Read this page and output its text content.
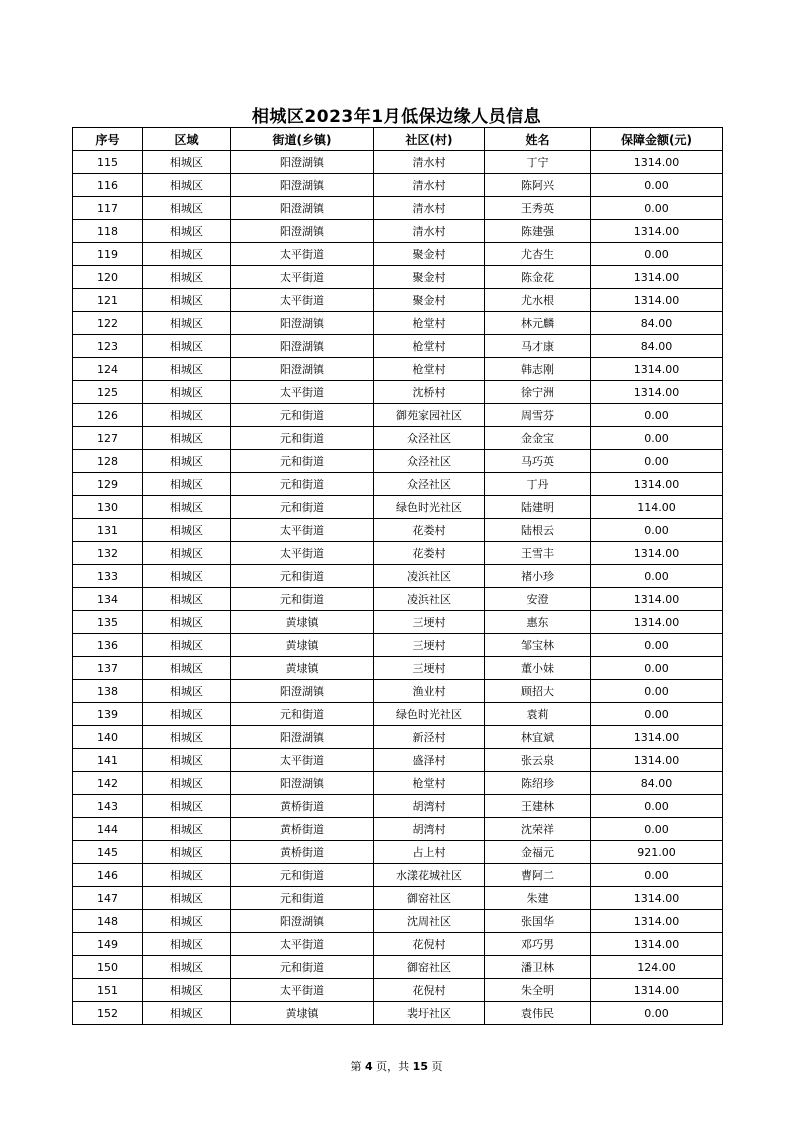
相城区2023年1月低保边缘人员信息
序号	区域	街道(乡镇)	社区(村)	姓名	保障金额(元)
115	相城区	阳澄湖镇	清水村	丁宁	1314.00
116	相城区	阳澄湖镇	清水村	陈阿兴	0.00
117	相城区	阳澄湖镇	清水村	王秀英	0.00
118	相城区	阳澄湖镇	清水村	陈建强	1314.00
119	相城区	太平街道	聚金村	尤杏生	0.00
120	相城区	太平街道	聚金村	陈金花	1314.00
121	相城区	太平街道	聚金村	尤水根	1314.00
122	相城区	阳澄湖镇	枪堂村	林元麟	84.00
123	相城区	阳澄湖镇	枪堂村	马才康	84.00
124	相城区	阳澄湖镇	枪堂村	韩志刚	1314.00
125	相城区	太平街道	沈桥村	徐宁洲	1314.00
126	相城区	元和街道	御苑家园社区	周雪芬	0.00
127	相城区	元和街道	众泾社区	金金宝	0.00
128	相城区	元和街道	众泾社区	马巧英	0.00
129	相城区	元和街道	众泾社区	丁丹	1314.00
130	相城区	元和街道	绿色时光社区	陆建明	114.00
131	相城区	太平街道	花娄村	陆根云	0.00
132	相城区	太平街道	花娄村	王雪丰	1314.00
133	相城区	元和街道	凌浜社区	褚小珍	0.00
134	相城区	元和街道	凌浜社区	安澄	1314.00
135	相城区	黄埭镇	三埂村	惠东	1314.00
136	相城区	黄埭镇	三埂村	邹宝林	0.00
137	相城区	黄埭镇	三埂村	董小妹	0.00
138	相城区	阳澄湖镇	渔业村	顾招大	0.00
139	相城区	元和街道	绿色时光社区	袁莉	0.00
140	相城区	阳澄湖镇	新泾村	林宜斌	1314.00
141	相城区	太平街道	盛泽村	张云泉	1314.00
142	相城区	阳澄湖镇	枪堂村	陈绍珍	84.00
143	相城区	黄桥街道	胡湾村	王建林	0.00
144	相城区	黄桥街道	胡湾村	沈荣祥	0.00
145	相城区	黄桥街道	占上村	金福元	921.00
146	相城区	元和街道	水漾花城社区	曹阿二	0.00
147	相城区	元和街道	御窑社区	朱建	1314.00
148	相城区	阳澄湖镇	沈周社区	张国华	1314.00
149	相城区	太平街道	花倪村	邓巧男	1314.00
150	相城区	元和街道	御窑社区	潘卫林	124.00
151	相城区	太平街道	花倪村	朱全明	1314.00
152	相城区	黄埭镇	裴圩社区	袁伟民	0.00
第 4 页，共 15 页
